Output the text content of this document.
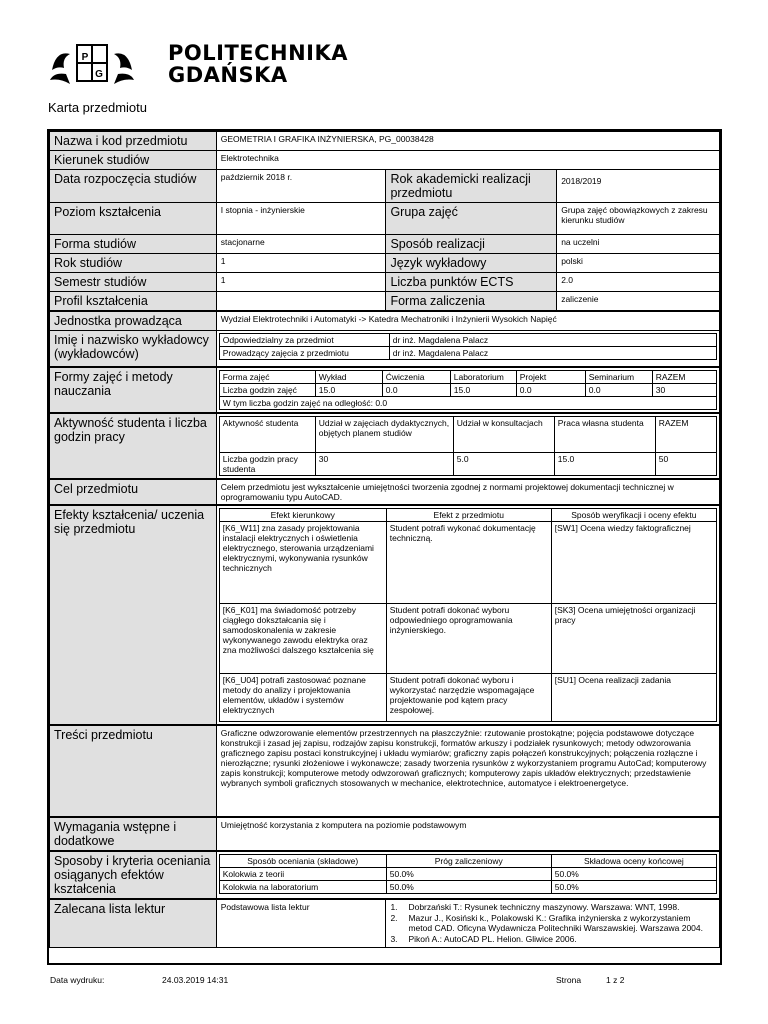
P
G
POLITECHNIKA
GDAŃSKA
Karta przedmiotu
Nazwa i kod przedmiotu	GEOMETRIA I GRAFIKA INŻYNIERSKA, PG_00038428
Kierunek studiów	Elektrotechnika
Data rozpoczęcia studiów	październik 2018 r.	Rok akademicki realizacji przedmiotu	2018/2019
Poziom kształcenia	I stopnia - inżynierskie	Grupa zajęć	Grupa zajęć obowiązkowych z zakresu kierunku studiów
Forma studiów	stacjonarne	Sposób realizacji	na uczelni
Rok studiów	1	Język wykładowy	polski
Semestr studiów	1	Liczba punktów ECTS	2.0
Profil kształcenia		Forma zaliczenia	zaliczenie
Jednostka prowadząca	Wydział Elektrotechniki i Automatyki -> Katedra Mechatroniki i Inżynierii Wysokich Napięć
Imię i nazwisko wykładowcy (wykładowców)	
Odpowiedzialny za przedmiot	dr inż. Magdalena Palacz
Prowadzący zajęcia z przedmiotu	dr inż. Magdalena Palacz

Formy zajęć i metody nauczania	
Forma zajęć	Wykład	Ćwiczenia	Laboratorium	Projekt	Seminarium	RAZEM
Liczba godzin zajęć	15.0	0.0	15.0	0.0	0.0	30
W tym liczba godzin zajęć na odległość: 0.0

Aktywność studenta i liczba godzin pracy	
Aktywność studenta	Udział w zajęciach dydaktycznych, objętych planem studiów	Udział w konsultacjach	Praca własna studenta	RAZEM
Liczba godzin pracy studenta	30	5.0	15.0	50

Cel przedmiotu	Celem przedmiotu jest wykształcenie umiejętności tworzenia zgodnej z normami projektowej dokumentacji technicznej w oprogramowaniu typu AutoCAD.
Efekty kształcenia/ uczenia się przedmiotu	
Efekt kierunkowy	Efekt z przedmiotu	Sposób weryfikacji i oceny efektu
[K6_W11] zna zasady projektowania instalacji elektrycznych i oświetlenia elektrycznego, sterowania urządzeniami elektrycznymi, wykonywania rysunków technicznych	Student potrafi wykonać dokumentację techniczną.	[SW1] Ocena wiedzy faktograficznej
[K6_K01] ma świadomość potrzeby ciągłego dokształcania się i samodoskonalenia w zakresie wykonywanego zawodu elektryka oraz zna możliwości dalszego kształcenia się	Student potrafi dokonać wyboru odpowiedniego oprogramowania inżynierskiego.	[SK3] Ocena umiejętności organizacji pracy
[K6_U04] potrafi zastosować poznane metody do analizy i projektowania elementów, układów i systemów elektrycznych	Student potrafi dokonać wyboru i wykorzystać narzędzie wspomagające projektowanie pod kątem pracy zespołowej.	[SU1] Ocena realizacji zadania

Treści przedmiotu	Graficzne odwzorowanie elementów przestrzennych na płaszczyźnie: rzutowanie prostokątne; pojęcia podstawowe dotyczące konstrukcji i zasad jej zapisu, rodzajów zapisu konstrukcji, formatów arkuszy i podziałek rysunkowych; metody odwzorowania graficznego zapisu postaci konstrukcyjnej i układu wymiarów; graficzny zapis połączeń konstrukcyjnych; połączenia rozłączne i nierozłączne; rysunki złożeniowe i wykonawcze; zasady tworzenia rysunków z wykorzystaniem programu AutoCad; komputerowy zapis konstrukcji; komputerowe metody odwzorowań graficznych; komputerowy zapis układów elektrycznych; przedstawienie wybranych symboli graficznych stosowanych w mechanice, elektrotechnice, automatyce i elektroenergetyce.
Wymagania wstępne i dodatkowe	Umiejętność korzystania z komputera na poziomie podstawowym
Sposoby i kryteria oceniania osiąganych efektów kształcenia	
Sposób oceniania (składowe)	Próg zaliczeniowy	Składowa oceny końcowej
Kolokwia z teorii	50.0%	50.0%
Kolokwia na laboratorium	50.0%	50.0%

Zalecana lista lektur	Podstawowa lista lektur	1.	Dobrzański T.: Rysunek techniczny maszynowy. Warszawa: WNT, 1998.
2.	Mazur J., Kosiński k., Polakowski K.: Grafika inżynierska z wykorzystaniem metod CAD. Oficyna Wydawnicza Politechniki Warszawskiej. Warszawa 2004.
3.	Pikoń A.: AutoCAD PL. Helion. Gliwice 2006.
Data wydruku:	24.03.2019 14:31	Strona	1 z 2
